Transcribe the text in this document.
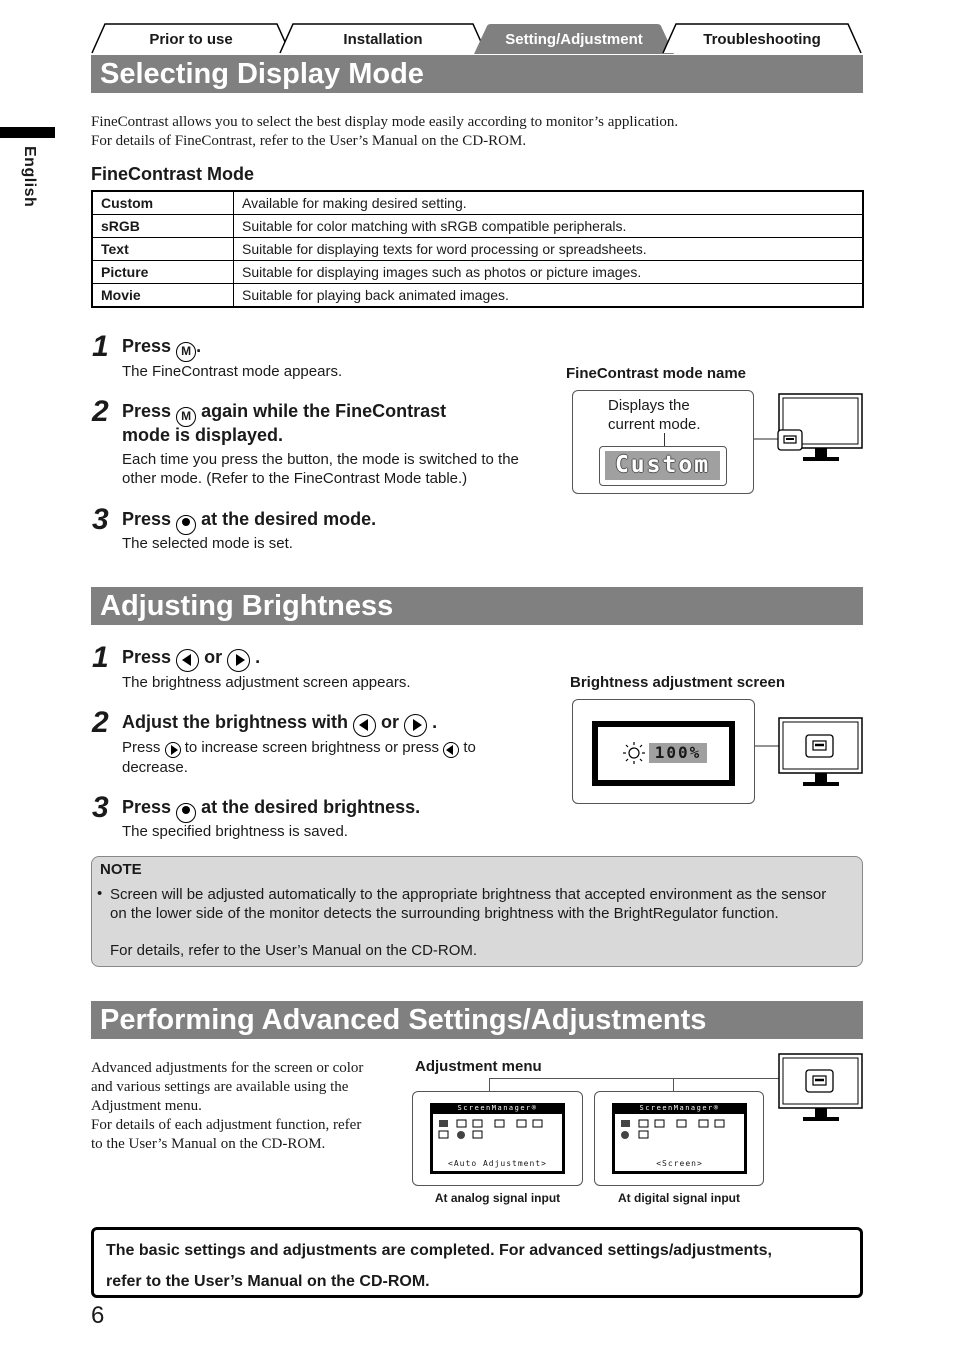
Prior to use	Installation	Setting/Adjustment	Troubleshooting
English
Selecting Display Mode
FineContrast allows you to select the best display mode easily according to monitor’s application.
For details of FineContrast, refer to the User’s Manual on the CD-ROM.
FineContrast Mode
Custom	Available for making desired setting.
sRGB	Suitable for color matching with sRGB compatible peripherals.
Text	Suitable for displaying texts for word processing or spreadsheets.
Picture	Suitable for displaying images such as photos or picture images.
Movie	Suitable for playing back animated images.
1 Press M .
The FineContrast mode appears.
2 Press M again while the FineContrast
mode is displayed.
Each time you press the button, the mode is switched to the other mode. (Refer to the FineContrast Mode table.)
3 Press at the desired mode.
The selected mode is set.
FineContrast mode name
Displays the current mode.
Custom
Adjusting Brightness
1 Press or .
The brightness adjustment screen appears.
2 Adjust the brightness with or .
Press to increase screen brightness or press to decrease.
3 Press at the desired brightness.
The specified brightness is saved.
Brightness adjustment screen
100%
NOTE
• Screen will be adjusted automatically to the appropriate brightness that accepted environment as the sensor on the lower side of the monitor detects the surrounding brightness with the BrightRegulator function.
For details, refer to the User’s Manual on the CD-ROM.
Performing Advanced Settings/Adjustments
Advanced adjustments for the screen or color
and various settings are available using the
Adjustment menu.
For details of each adjustment function, refer
to the User’s Manual on the CD-ROM.
Adjustment menu
ScreenManager®
<Auto Adjustment>
At analog signal input
ScreenManager®
<Screen>
At digital signal input
The basic settings and adjustments are completed. For advanced settings/adjustments,
refer to the User’s Manual on the CD-ROM.
6
